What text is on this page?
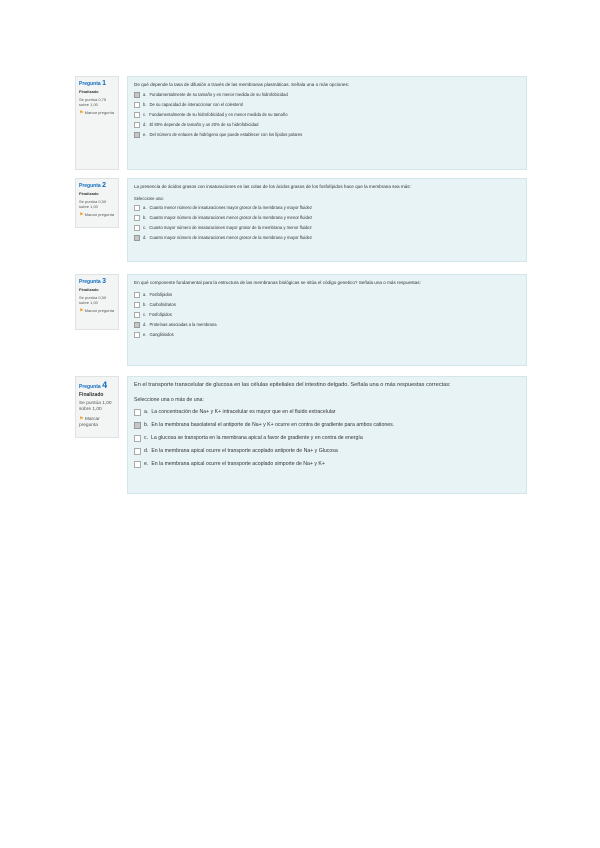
Pregunta 1
Finalizado
Se puntúa 0,75 sobre 1,00
⚑ Marcar pregunta
De qué depende la tasa de difusión a través de las membranas plasmáticas. Señala una o más opciones:
a. Fundamentalmente de su tamaño y en menor medida de su hidrofobicidad
b. De su capacidad de interaccionar con el colesterol
c. Fundamentalmente de su hidrofobicidad y en menor medida de su tamaño
d. El 80% depende de tamaño y un 20% de su hidrofobicidad
e. Del número de enlaces de hidrógeno que puede establecer con los lípidos polares
Pregunta 2
Finalizado
Se puntúa 0,50 sobre 1,00
⚑ Marcar pregunta
La presencia de ácidos grasos con insaturaciones en las colas de los ácidos grasos de los fosfolípidos hace que la membrana sea más:
Seleccione una:
a. Cuanto menor número de insaturaciones mayor grosor de la membrana y mayor fluidez
b. Cuanto mayor número de insaturaciones menor grosor de la membrana y menor fluidez
c. Cuanto mayor número de insaturaciones mayor grosor de la membrana y menor fluidez
d. Cuanto mayor número de insaturaciones menor grosor de la membrana y mayor fluidez
Pregunta 3
Finalizado
Se puntúa 0,50 sobre 1,00
⚑ Marcar pregunta
En qué componente fundamental para la estructura de las membranas biológicas se sitúa el código genetico? Señala una o más respuestas:
a. Fosfolípidos
b. Carbohidratos
c. Fosfolípidos
d. Proteínas asociadas a la membrana
e. Gangliósidos
Pregunta 4
Finalizado
Se puntúa 1,00 sobre 1,00
⚑ Marcar pregunta
En el transporte transcelular de glucosa en las células epiteliales del intestino delgado. Señala una o más respuestas correctas:
Seleccione una o más de una:
a. La concentración de Na+ y K+ intracelular es mayor que en el fluido extracelular
b. En la membrana basolateral el antiporte de Na+ y K+ ocurre en contra de gradiente para ambos cationes.
c. La glucosa se transporta en la membrana apical a favor de gradiente y en contra de energía
d. En la membrana apical ocurre el transporte acoplado antiporte de Na+ y Glucosa
e. En la membrana apical ocurre el transporte acoplado simporte de Na+ y K+
